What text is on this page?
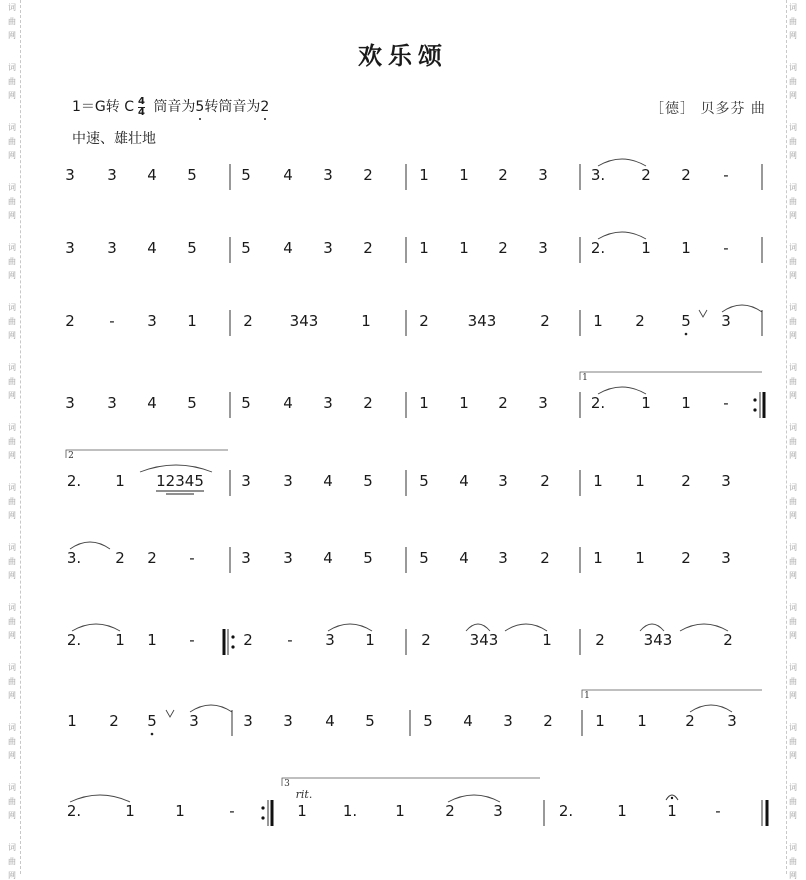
欢乐颂
1＝G转 C $\frac{4}{4}$ 筒音为5转筒音为2	［德］ 贝多芬 曲
中速、雄壮地
3 3 4 5	5 4 3 2	1 1 2 3	3. 2 2 -
3 3 4 5	5 4 3 2	1 1 2 3	2. 1 1 -
3 3 4 5	5 4 3 2	1 1 2 3	2. 1 1 -
2 - 3 1	2 343	1	2	343	2	1 2 5 3
1
2
2. 1 12345 3 3 4 5	5 4 3 2	1 1 2 3
3. 2 2 -	3 3 4 5	5 4 3 2	1 1 2 3
2. 1 1 -	2 - 3 1	2	343	1	2	343	2
1 2 5 3	3 3 4 5	5 4 3 2	1 1	2 3
1
2.	1	1	-
3
rit.
1 1.	1	2	3	2.	1	1	-
词
曲
网
词
曲
网
词
曲
网
词
曲
网
词
曲
网
词
曲
网
词
曲
网
词
曲
网
词
曲
网
词
曲
网
词
曲
网
词
曲
网
词
曲
网
词
曲
网
词
曲
网
词
曲
网
词
曲
网
词
曲
网
词
曲
网
词
曲
网
词
曲
网
词
曲
网
词
曲
网
词
曲
网
词
曲
网
词
曲
网
词
曲
网
词
曲
网
词
曲
网
词
曲
网
